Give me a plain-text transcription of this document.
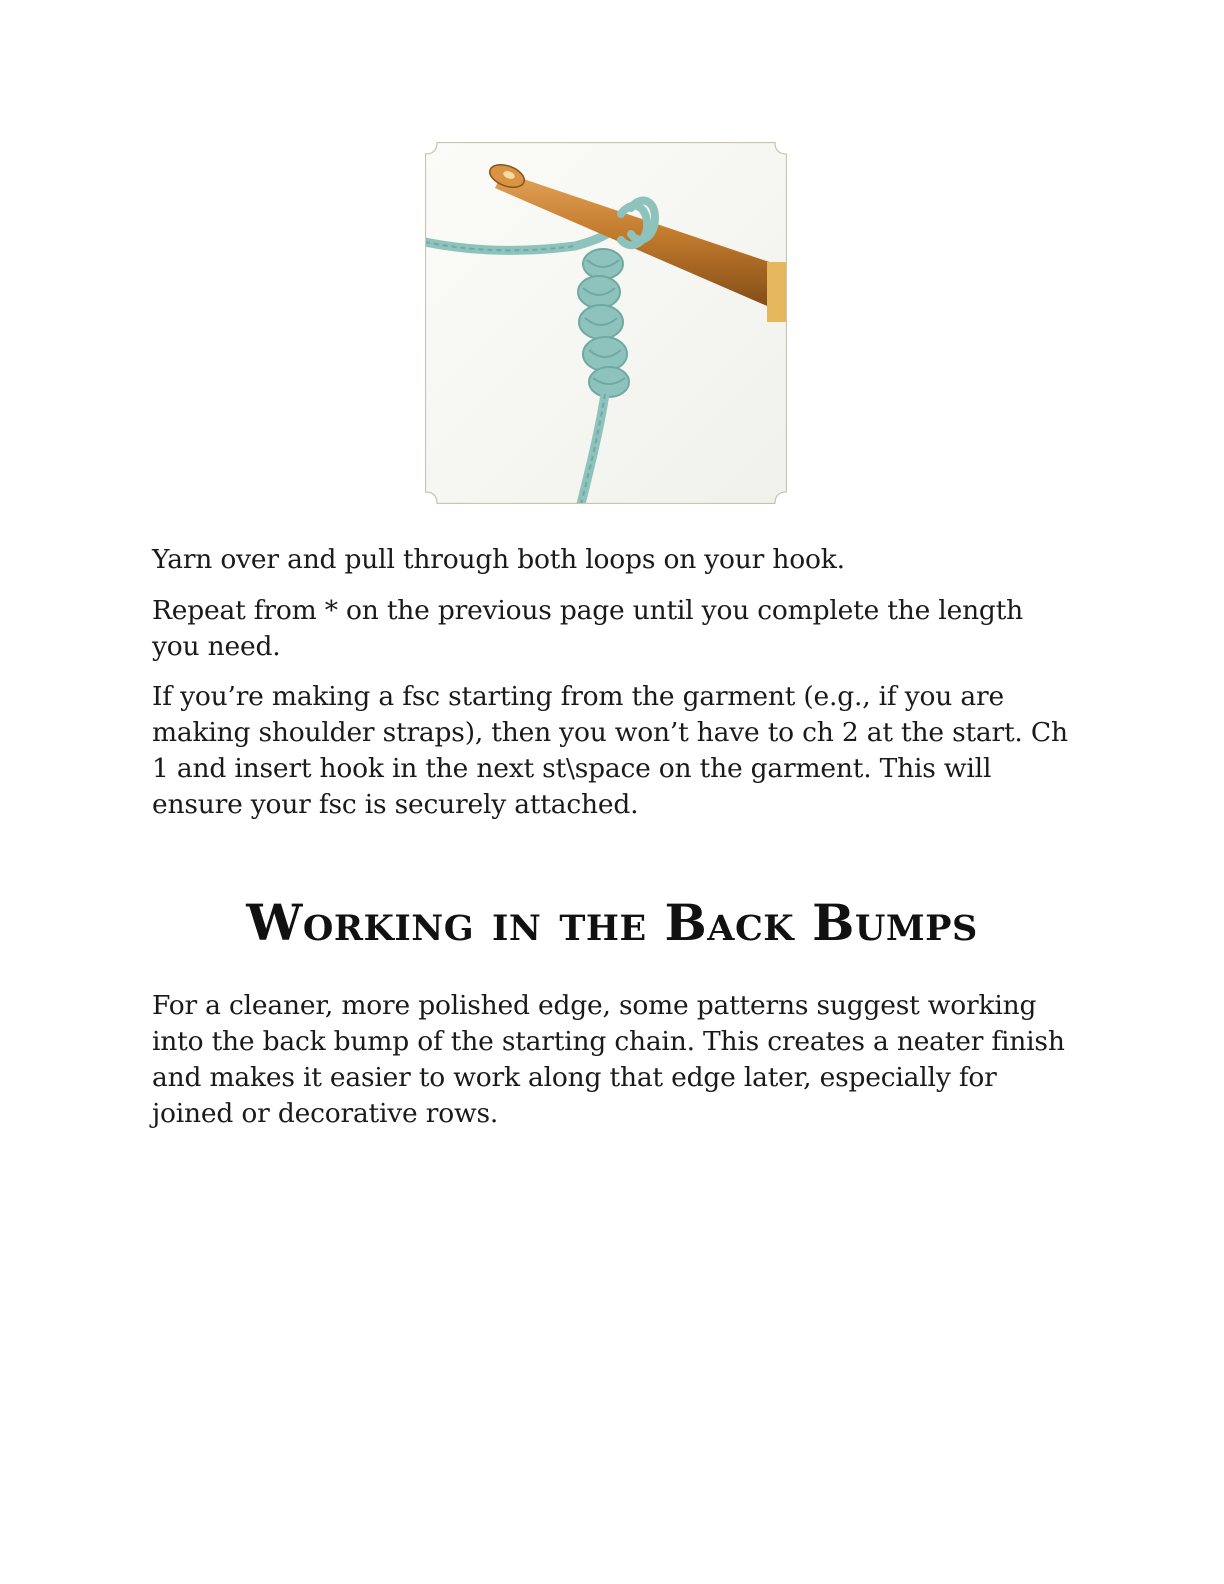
Yarn over and pull through both loops on your hook.

Repeat from * on the previous page until you complete the length you need.

If you’re making a fsc starting from the garment (e.g., if you are making shoulder straps), then you won’t have to ch 2 at the start. Ch 1 and insert hook in the next st\space on the garment. This will ensure your fsc is securely attached.

Working in the Back Bumps

For a cleaner, more polished edge, some patterns suggest working into the back bump of the starting chain. This creates a neater finish and makes it easier to work along that edge later, especially for joined or decorative rows.
